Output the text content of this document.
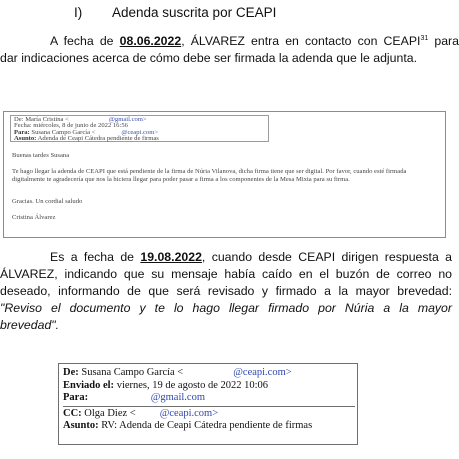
I) Adenda suscrita por CEAPI
A fecha de 08.06.2022, ÁLVAREZ entra en contacto con CEAPI$^{31}$ para
dar indicaciones acerca de cómo debe ser firmada la adenda que le adjunta.
De: María Cristina <	@gmail.com>
Fecha: miércoles, 8 de junio de 2022 16:56
Para: Susana Campo García <	@ceapi.com>
Asunto: Adenda de Ceapi Cátedra pendiente de firmas
Buenas tardes Susana
Te hago llegar la adenda de CEAPI que está pendiente de la firma de Núria Vilanova, dicha firma tiene que ser digital. Por favor, cuando esté firmada digitalmente te agradecería que nos la hiciera llegar para poder pasar a firma a los componentes de la Mesa Mixta para su firma.
Gracias. Un cordial saludo
Cristina Álvarez
Es a fecha de 19.08.2022, cuando desde CEAPI dirigen respuesta a
ÁLVAREZ, indicando que su mensaje había caído en el buzón de correo no
deseado, informando de que será revisado y firmado a la mayor brevedad:
"Reviso el documento y te lo hago llegar firmado por Núria a la mayor
brevedad".
De: Susana Campo García <	@ceapi.com>
Enviado el: viernes, 19 de agosto de 2022 10:06
Para:	@gmail.com
CC: Olga Diez < @ceapi.com>
Asunto: RV: Adenda de Ceapi Cátedra pendiente de firmas
